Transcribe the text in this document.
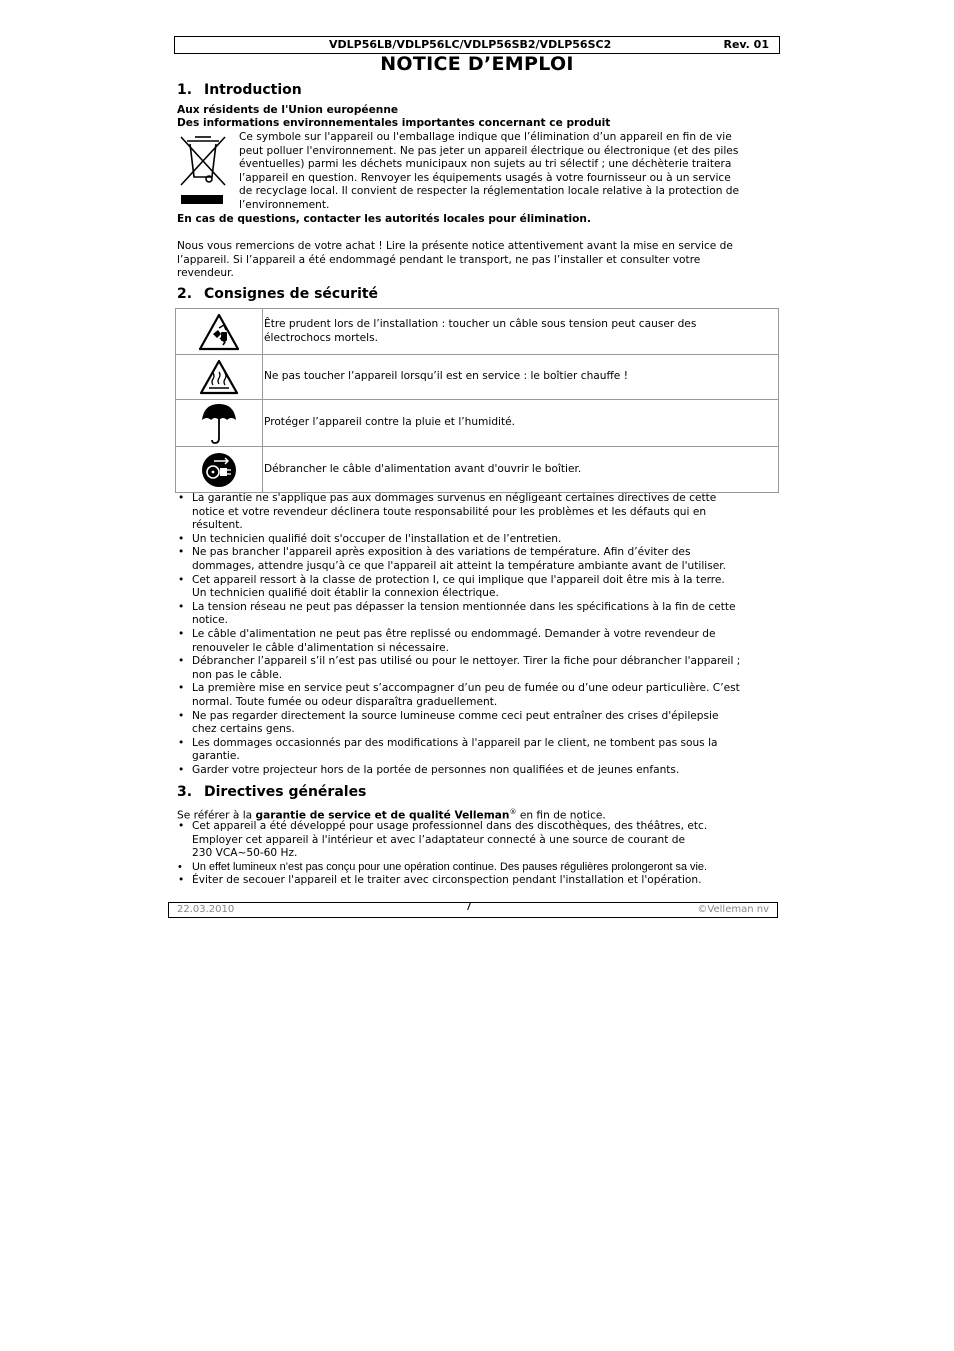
VDLP56LB/VDLP56LC/VDLP56SB2/VDLP56SC2	Rev. 01
NOTICE D’EMPLOI
1. Introduction
Aux résidents de l'Union européenne
Des informations environnementales importantes concernant ce produit
Ce symbole sur l'appareil ou l'emballage indique que l’élimination d’un appareil en fin de vie
peut polluer l'environnement. Ne pas jeter un appareil électrique ou électronique (et des piles
éventuelles) parmi les déchets municipaux non sujets au tri sélectif ; une déchèterie traitera
l’appareil en question. Renvoyer les équipements usagés à votre fournisseur ou à un service
de recyclage local. Il convient de respecter la réglementation locale relative à la protection de
l’environnement.
En cas de questions, contacter les autorités locales pour élimination.
Nous vous remercions de votre achat ! Lire la présente notice attentivement avant la mise en service de
l’appareil. Si l’appareil a été endommagé pendant le transport, ne pas l’installer et consulter votre
revendeur.
2. Consignes de sécurité

Être prudent lors de l’installation : toucher un câble sous tension peut causer des
électrochocs mortels.

Ne pas toucher l’appareil lorsqu’il est en service : le boîtier chauffe !

Protéger l’appareil contre la pluie et l’humidité.

Débrancher le câble d'alimentation avant d'ouvrir le boîtier.
• La garantie ne s'applique pas aux dommages survenus en négligeant certaines directives de cette
notice et votre revendeur déclinera toute responsabilité pour les problèmes et les défauts qui en
résultent.
• Un technicien qualifié doit s'occuper de l'installation et de l’entretien.
• Ne pas brancher l'appareil après exposition à des variations de température. Afin d’éviter des
dommages, attendre jusqu’à ce que l'appareil ait atteint la température ambiante avant de l'utiliser.
• Cet appareil ressort à la classe de protection I, ce qui implique que l'appareil doit être mis à la terre.
Un technicien qualifié doit établir la connexion électrique.
• La tension réseau ne peut pas dépasser la tension mentionnée dans les spécifications à la fin de cette
notice.
• Le câble d'alimentation ne peut pas être replissé ou endommagé. Demander à votre revendeur de
renouveler le câble d'alimentation si nécessaire.
• Débrancher l’appareil s’il n’est pas utilisé ou pour le nettoyer. Tirer la fiche pour débrancher l'appareil ;
non pas le câble.
• La première mise en service peut s’accompagner d’un peu de fumée ou d’une odeur particulière. C’est
normal. Toute fumée ou odeur disparaîtra graduellement.
• Ne pas regarder directement la source lumineuse comme ceci peut entraîner des crises d'épilepsie
chez certains gens.
• Les dommages occasionnés par des modifications à l'appareil par le client, ne tombent pas sous la
garantie.
• Garder votre projecteur hors de la portée de personnes non qualifiées et de jeunes enfants.
3. Directives générales
Se référer à la garantie de service et de qualité Velleman® en fin de notice.
• Cet appareil a été développé pour usage professionnel dans des discothèques, des théâtres, etc.
Employer cet appareil à l'intérieur et avec l’adaptateur connecté à une source de courant de
230 VCA~50-60 Hz.
• Un effet lumineux n’est pas conçu pour une opération continue. Des pauses régulières prolongeront sa vie.
• Éviter de secouer l'appareil et le traiter avec circonspection pendant l'installation et l'opération.
22.03.2010	7	©Velleman nv
